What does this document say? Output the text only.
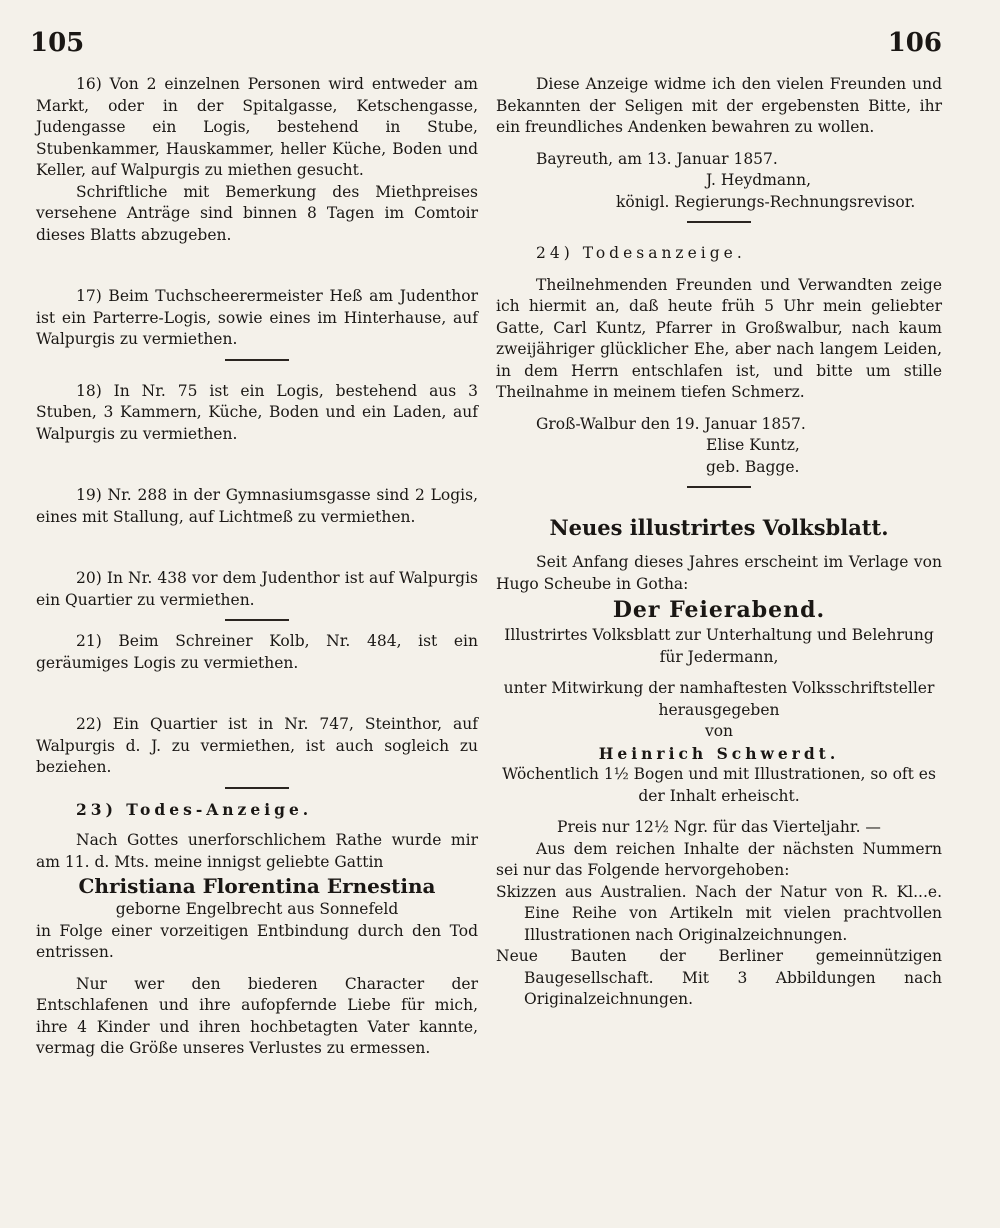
105	106

16) Von 2 einzelnen Personen wird entweder am Markt, oder in der Spitalgasse, Ketschengasse, Judengasse ein Logis, bestehend in Stube, Stubenkammer, Hauskammer, heller Küche, Boden und Keller, auf Walpurgis zu miethen gesucht.

Schriftliche mit Bemerkung des Miethpreises versehene Anträge sind binnen 8 Tagen im Comtoir dieses Blatts abzugeben.

17) Beim Tuchscheerermeister Heß am Judenthor ist ein Parterre-Logis, sowie eines im Hinterhause, auf Walpurgis zu vermiethen.

18) In Nr. 75 ist ein Logis, bestehend aus 3 Stuben, 3 Kammern, Küche, Boden und ein Laden, auf Walpurgis zu vermiethen.

19) Nr. 288 in der Gymnasiumsgasse sind 2 Logis, eines mit Stallung, auf Lichtmeß zu vermiethen.

20) In Nr. 438 vor dem Judenthor ist auf Walpurgis ein Quartier zu vermiethen.

21) Beim Schreiner Kolb, Nr. 484, ist ein geräumiges Logis zu vermiethen.

22) Ein Quartier ist in Nr. 747, Steinthor, auf Walpurgis d. J. zu vermiethen, ist auch sogleich zu beziehen.

23) Todes-Anzeige.

Nach Gottes unerforschlichem Rathe wurde mir am 11. d. Mts. meine innigst geliebte Gattin

Christiana Florentina Ernestina

geborne Engelbrecht aus Sonnefeld

in Folge einer vorzeitigen Entbindung durch den Tod entrissen.

Nur wer den biederen Character der Entschlafenen und ihre aufopfernde Liebe für mich, ihre 4 Kinder und ihren hochbetagten Vater kannte, vermag die Größe unseres Verlustes zu ermessen.

Diese Anzeige widme ich den vielen Freunden und Bekannten der Seligen mit der ergebensten Bitte, ihr ein freundliches Andenken bewahren zu wollen.

Bayreuth, am 13. Januar 1857.

J. Heydmann,

königl. Regierungs-Rechnungsrevisor.

24) Todesanzeige.

Theilnehmenden Freunden und Verwandten zeige ich hiermit an, daß heute früh 5 Uhr mein geliebter Gatte, Carl Kuntz, Pfarrer in Großwalbur, nach kaum zweijähriger glücklicher Ehe, aber nach langem Leiden, in dem Herrn entschlafen ist, und bitte um stille Theilnahme in meinem tiefen Schmerz.

Groß-Walbur den 19. Januar 1857.

Elise Kuntz,

geb. Bagge.

Neues illustrirtes Volksblatt.

Seit Anfang dieses Jahres erscheint im Verlage von Hugo Scheube in Gotha:

Der Feierabend.

Illustrirtes Volksblatt zur Unterhaltung und Belehrung für Jedermann,

unter Mitwirkung der namhaftesten Volksschriftsteller herausgegeben

von

Heinrich Schwerdt.

Wöchentlich 1½ Bogen und mit Illustrationen, so oft es der Inhalt erheischt.

Preis nur 12½ Ngr. für das Vierteljahr. —

Aus dem reichen Inhalte der nächsten Nummern sei nur das Folgende hervorgehoben:

Skizzen aus Australien. Nach der Natur von R. Kl...e. Eine Reihe von Artikeln mit vielen prachtvollen Illustrationen nach Originalzeichnungen.

Neue Bauten der Berliner gemeinnützigen Baugesellschaft. Mit 3 Abbildungen nach Originalzeichnungen.
